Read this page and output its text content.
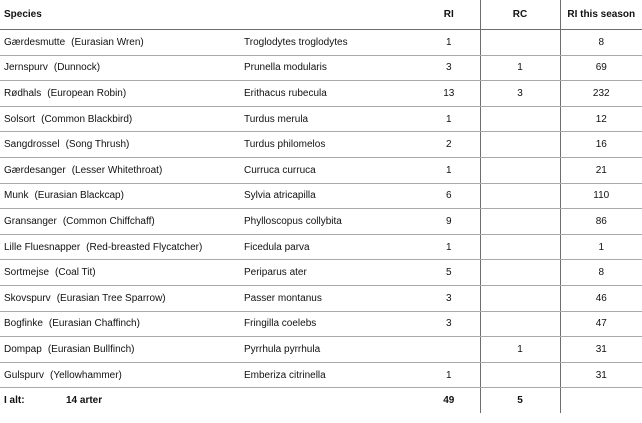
Species		RI	RC	RI this season
Gærdesmutte (Eurasian Wren)	Troglodytes troglodytes	1		8
Jernspurv (Dunnock)	Prunella modularis	3	1	69
Rødhals (European Robin)	Erithacus rubecula	13	3	232
Solsort (Common Blackbird)	Turdus merula	1		12
Sangdrossel (Song Thrush)	Turdus philomelos	2		16
Gærdesanger (Lesser Whitethroat)	Curruca curruca	1		21
Munk (Eurasian Blackcap)	Sylvia atricapilla	6		110
Gransanger (Common Chiffchaff)	Phylloscopus collybita	9		86
Lille Fluesnapper (Red-breasted Flycatcher)	Ficedula parva	1		1
Sortmejse (Coal Tit)	Periparus ater	5		8
Skovspurv (Eurasian Tree Sparrow)	Passer montanus	3		46
Bogfinke (Eurasian Chaffinch)	Fringilla coelebs	3		47
Dompap (Eurasian Bullfinch)	Pyrrhula pyrrhula		1	31
Gulspurv (Yellowhammer)	Emberiza citrinella	1		31
I alt: 14 arter		49	5	
